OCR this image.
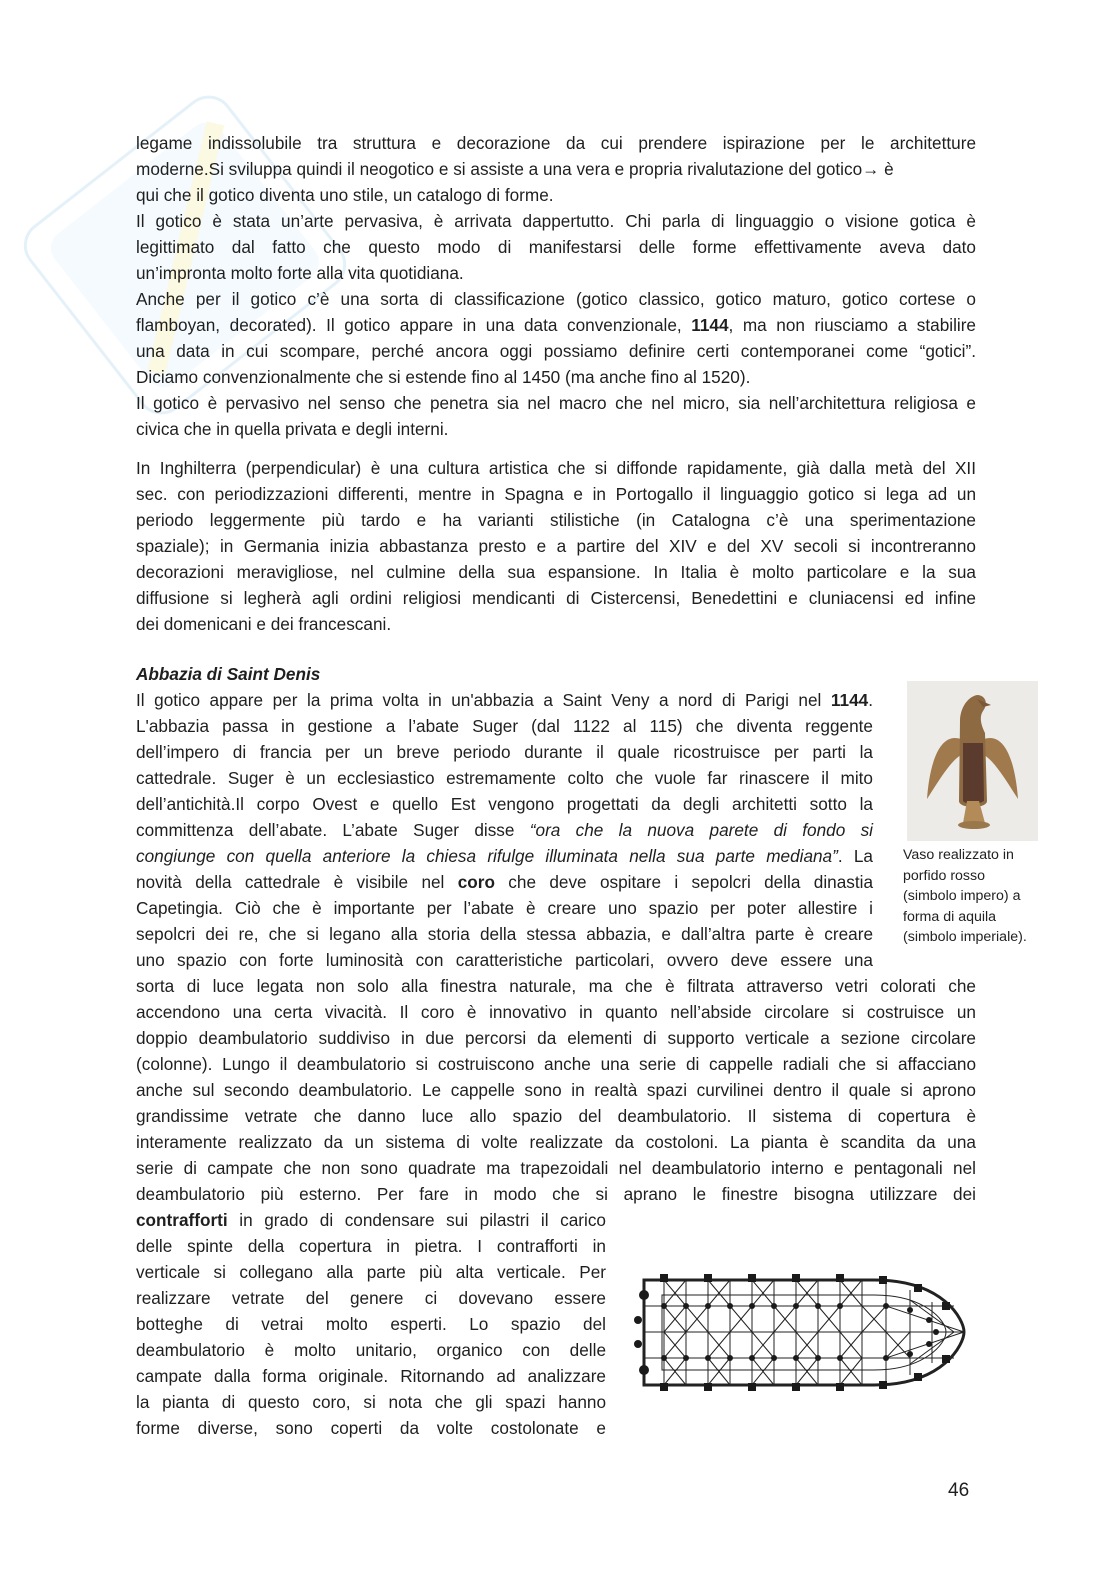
legame indissolubile tra struttura e decorazione da cui prendere ispirazione per le architetture
moderne.Si sviluppa quindi il neogotico e si assiste a una vera e propria rivalutazione del gotico→ è
qui che il gotico diventa uno stile, un catalogo di forme.
Il gotico è stata un’arte pervasiva, è arrivata dappertutto. Chi parla di linguaggio o visione gotica è
legittimato dal fatto che questo modo di manifestarsi delle forme effettivamente aveva dato
un’impronta molto forte alla vita quotidiana.
Anche per il gotico c’è una sorta di classificazione (gotico classico, gotico maturo, gotico cortese o
flamboyan, decorated). Il gotico appare in una data convenzionale, 1144, ma non riusciamo a stabilire
una data in cui scompare, perché ancora oggi possiamo definire certi contemporanei come “gotici”.
Diciamo convenzionalmente che si estende fino al 1450 (ma anche fino al 1520).
Il gotico è pervasivo nel senso che penetra sia nel macro che nel micro, sia nell’architettura religiosa e
civica che in quella privata e degli interni.
In Inghilterra (perpendicular) è una cultura artistica che si diffonde rapidamente, già dalla metà del XII
sec. con periodizzazioni differenti, mentre in Spagna e in Portogallo il linguaggio gotico si lega ad un
periodo leggermente più tardo e ha varianti stilistiche (in Catalogna c’è una sperimentazione
spaziale); in Germania inizia abbastanza presto e a partire del XIV e del XV secoli si incontreranno
decorazioni meravigliose, nel culmine della sua espansione. In Italia è molto particolare e la sua
diffusione si legherà agli ordini religiosi mendicanti di Cistercensi, Benedettini e cluniacensi ed infine
dei domenicani e dei francescani.
Abbazia di Saint Denis
Il gotico appare per la prima volta in un'abbazia a Saint Veny a nord di Parigi nel 1144.
L'abbazia passa in gestione a l’abate Suger (dal 1122 al 115) che diventa reggente
dell’impero di francia per un breve periodo durante il quale ricostruisce per parti la
cattedrale. Suger è un ecclesiastico estremamente colto che vuole far rinascere il mito
dell’antichità.Il corpo Ovest e quello Est vengono progettati da degli architetti sotto la
committenza dell’abate. L’abate Suger disse “ora che la nuova parete di fondo si
congiunge con quella anteriore la chiesa rifulge illuminata nella sua parte mediana”. La
novità della cattedrale è visibile nel coro che deve ospitare i sepolcri della dinastia
Capetingia. Ciò che è importante per l’abate è creare uno spazio per poter allestire i
sepolcri dei re, che si legano alla storia della stessa abbazia, e dall’altra parte è creare
uno spazio con forte luminosità con caratteristiche particolari, ovvero deve essere una
sorta di luce legata non solo alla finestra naturale, ma che è filtrata attraverso vetri colorati che
accendono una certa vivacità. Il coro è innovativo in quanto nell’abside circolare si costruisce un
doppio deambulatorio suddiviso in due percorsi da elementi di supporto verticale a sezione circolare
(colonne). Lungo il deambulatorio si costruiscono anche una serie di cappelle radiali che si affacciano
anche sul secondo deambulatorio. Le cappelle sono in realtà spazi curvilinei dentro il quale si aprono
grandissime vetrate che danno luce allo spazio del deambulatorio. Il sistema di copertura è
interamente realizzato da un sistema di volte realizzate da costoloni. La pianta è scandita da una
serie di campate che non sono quadrate ma trapezoidali nel deambulatorio interno e pentagonali nel
deambulatorio più esterno. Per fare in modo che si aprano le finestre bisogna utilizzare dei
contrafforti in grado di condensare sui pilastri il carico
delle spinte della copertura in pietra. I contrafforti in
verticale si collegano alla parte più alta verticale. Per
realizzare vetrate del genere ci dovevano essere
botteghe di vetrai molto esperti. Lo spazio del
deambulatorio è molto unitario, organico con delle
campate dalla forma originale. Ritornando ad analizzare
la pianta di questo coro, si nota che gli spazi hanno
forme diverse, sono coperti da volte costolonate e
Vaso realizzato in
porfido rosso
(simbolo impero) a
forma di aquila
(simbolo imperiale).
46
